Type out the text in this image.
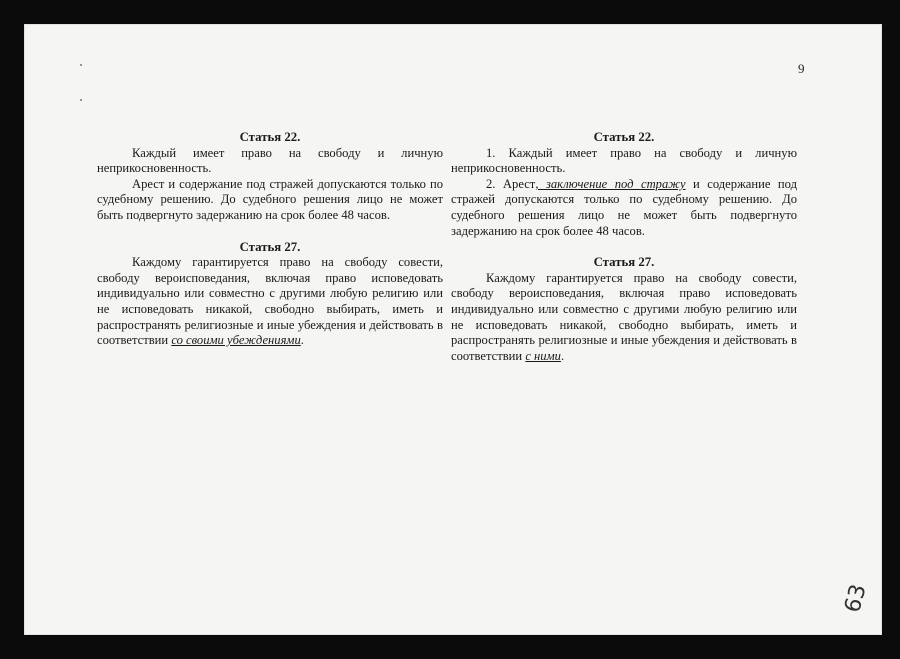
9

Статья 22.

Каждый имеет право на свободу и личную неприкосновенность.

Арест и содержание под стражей допускаются только по судебному решению. До судебного решения лицо не может быть подвергнуто задержанию на срок более 48 часов.

Статья 27.

Каждому гарантируется право на свободу совести, свободу вероисповедания, включая право исповедовать индивидуально или совместно с другими любую религию или не исповедовать никакой, свободно выбирать, иметь и распространять религиозные и иные убеждения и действовать в соответствии со своими убеждениями.

Статья 22.

1. Каждый имеет право на свободу и личную неприкосновенность.

2. Арест, заключение под стражу и содержание под стражей допускаются только по судебному решению. До судебного решения лицо не может быть подвергнуто задержанию на срок более 48 часов.

Статья 27.

Каждому гарантируется право на свободу совести, свободу вероисповедания, включая право исповедовать индивидуально или совместно с другими любую религию или не исповедовать никакой, свободно выбирать, иметь и распространять религиозные и иные убеждения и действовать в соответствии с ними.

63
